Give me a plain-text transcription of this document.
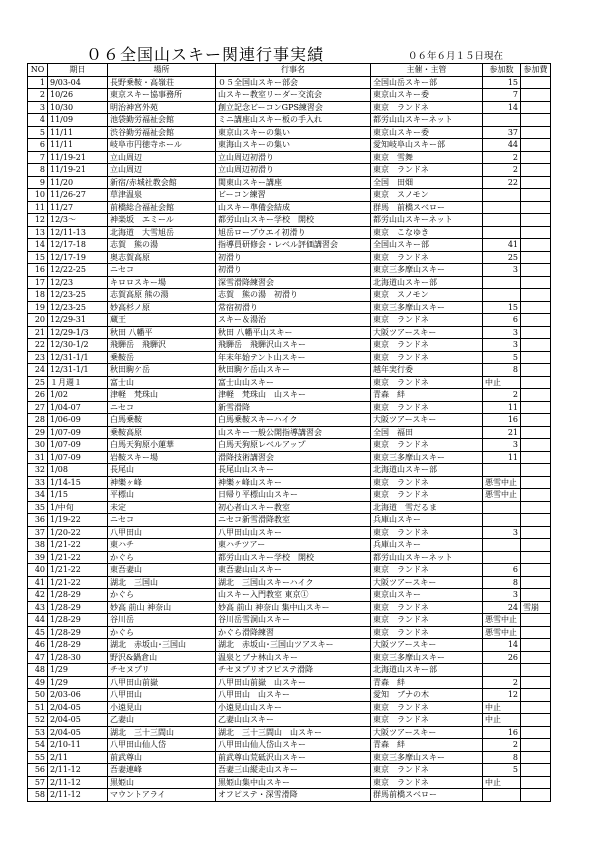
０６全国山スキー関連行事実績	０６年６月１５日現在
NO	期日	場所	行事名	主催・主管	参加数	参加費
1	9/03-04	長野乗鞍・高嶺荘	０５全国山スキー部会	全国山岳スキー部	15	
2	10/26	東京スキー協事務所	山スキー教室リーダー交流会	東京山スキー委	7	
3	10/30	明治神宮外苑	創立記念ビーコンGPS練習会	東京　ランドネ	14	
4	11/09	池袋勤労福祉会館	ミニ講座山スキー板の手入れ	都労山山スキーネット		
5	11/11	渋谷勤労福祉会館	東京山スキーの集い	東京山スキー委	37	
6	11/11	岐阜市円徳寺ホール	東海山スキーの集い	愛知岐阜山スキー部	44	
7	11/19-21	立山周辺	立山周辺初滑り	東京　雪舞	2	
8	11/19-21	立山周辺	立山周辺初滑り	東京　ランドネ	2	
9	11/20	新宿/赤城社教会館	関東山スキー講座	全国　田畑	22	
10	11/26-27	草津温泉	ビーコン練習	東京　スノモン		
11	11/27	前橋総合福祉会館	山スキー準備会結成	群馬　前橋スベロー		
12	12/3～	神楽坂　エミール	都労山山スキー学校　開校	都労山山スキーネット		
13	12/11-13	北海道　大雪旭岳	旭岳ロープウエイ初滑り	東京　こなゆき		
14	12/17-18	志賀　熊の湯	指導員研修会・レベル評価講習会	全国山スキー部	41	
15	12/17-19	奥志賀高原	初滑り	東京　ランドネ	25	
16	12/22-25	ニセコ	初滑り	東京三多摩山スキー	3	
17	12/23	キロロスキー場	深雪滑降練習会	北海道山スキー部		
18	12/23-25	志賀高原 熊の湯	志賀　熊の湯　初滑り	東京　スノモン		
19	12/23-25	妙高杉ノ原	常宿初滑り	東京三多摩山スキー	15	
20	12/29-31	蔵王	スキー＆湯治	東京　ランドネ	6	
21	12/29-1/3	秋田 八幡平	秋田 八幡平山スキー	大阪ツアースキー	3	
22	12/30-1/2	飛騨岳　飛騨沢	飛騨岳　飛騨沢山スキー	東京　ランドネ	3	
23	12/31-1/1	乗鞍岳	年末年始テント山スキー	東京　ランドネ	5	
24	12/31-1/1	秋田駒ケ岳	秋田駒ケ岳山スキー	越年実行委	8	
25	１月週１	富士山	富士山山スキー	東京　ランドネ	中止	
26	1/02	津軽　梵珠山	津軽　梵珠山　山スキー	青森　絆	2	
27	1/04-07	ニセコ	新雪滑降	東京　ランドネ	11	
28	1/06-09	白馬乗鞍	白馬乗鞍スキーハイク	大阪ツアースキー	16	
29	1/07-09	乗鞍高原	山スキー一般公開指導講習会	全国　福田	21	
30	1/07-09	白馬天狗原小蓮華	白馬天狗原レベルアップ	東京　ランドネ	3	
31	1/07-09	岩鞍スキー場	滑降技術講習会	東京三多摩山スキー	11	
32	1/08	長尾山	長尾山山スキー	北海道山スキー部		
33	1/14-15	神樂ヶ峰	神樂ヶ峰山スキー	東京　ランドネ	悪雪中止	
34	1/15	平標山	日帰り平標山山スキー	東京　ランドネ	悪雪中止	
35	1/中旬	未定	初心者山スキー教室	北海道　雪だるま		
36	1/19-22	ニセコ	ニセコ新雪滑降教室	兵庫山スキー		
37	1/20-22	八甲田山	八甲田山山スキー	東京　ランドネ	3	
38	1/21-22	東ハチ	東ハチツアー	兵庫山スキー		
39	1/21-22	かぐら	都労山山スキー学校　開校	都労山山スキーネット		
40	1/21-22	東吾妻山	東吾妻山山スキー	東京　ランドネ	6	
41	1/21-22	湖北　三国山	湖北　三国山スキーハイク	大阪ツアースキー	8	
42	1/28-29	かぐら	山スキー入門教室 東京①	東京山スキー	3	
43	1/28-29	妙高 前山 神奈山	妙高 前山 神奈山 集中山スキー	東京　ランドネ	24	雪崩
44	1/28-29	谷川岳	谷川岳雪洞山スキー	東京　ランドネ	悪雪中止	
45	1/28-29	かぐら	かぐら滑降練習	東京　ランドネ	悪雪中止	
46	1/28-29	湖北　赤坂山･三国山	湖北　赤坂山･三国山ツアスキー	大阪ツアースキー	14	
47	1/28-30	野沢&鍋倉山	温泉とブナ林山スキー	東京三多摩山スキー	26	
48	1/29	チセヌプリ	チセヌプリオフピステ滑降	北海道山スキー部		
49	1/29	八甲田山前嶽	八甲田山前嶽　山スキー	青森　絆	2	
50	2/03-06	八甲田山	八甲田山　山スキー	愛知　ブナの木	12	
51	2/04-05	小遠見山	小遠見山山スキー	東京　ランドネ	中止	
52	2/04-05	乙妻山	乙妻山山スキー	東京　ランドネ	中止	
53	2/04-05	湖北　三十三間山	湖北　三十三間山　山スキー	大阪ツアースキー	16	
54	2/10-11	八甲田山仙人岱	八甲田山仙人岱山スキー	青森　絆	2	
55	2/11	前武尊山	前武尊山荒砥沢山スキー	東京三多摩山スキー	8	
56	2/11-12	吾妻連峰	吾妻三山縦走山スキー	東京　ランドネ	5	
57	2/11-12	黒姫山	黒姫山集中山スキー	東京　ランドネ	中止	
58	2/11-12	マウントアライ	オフピステ・深雪滑降	群馬前橋スベロー		
